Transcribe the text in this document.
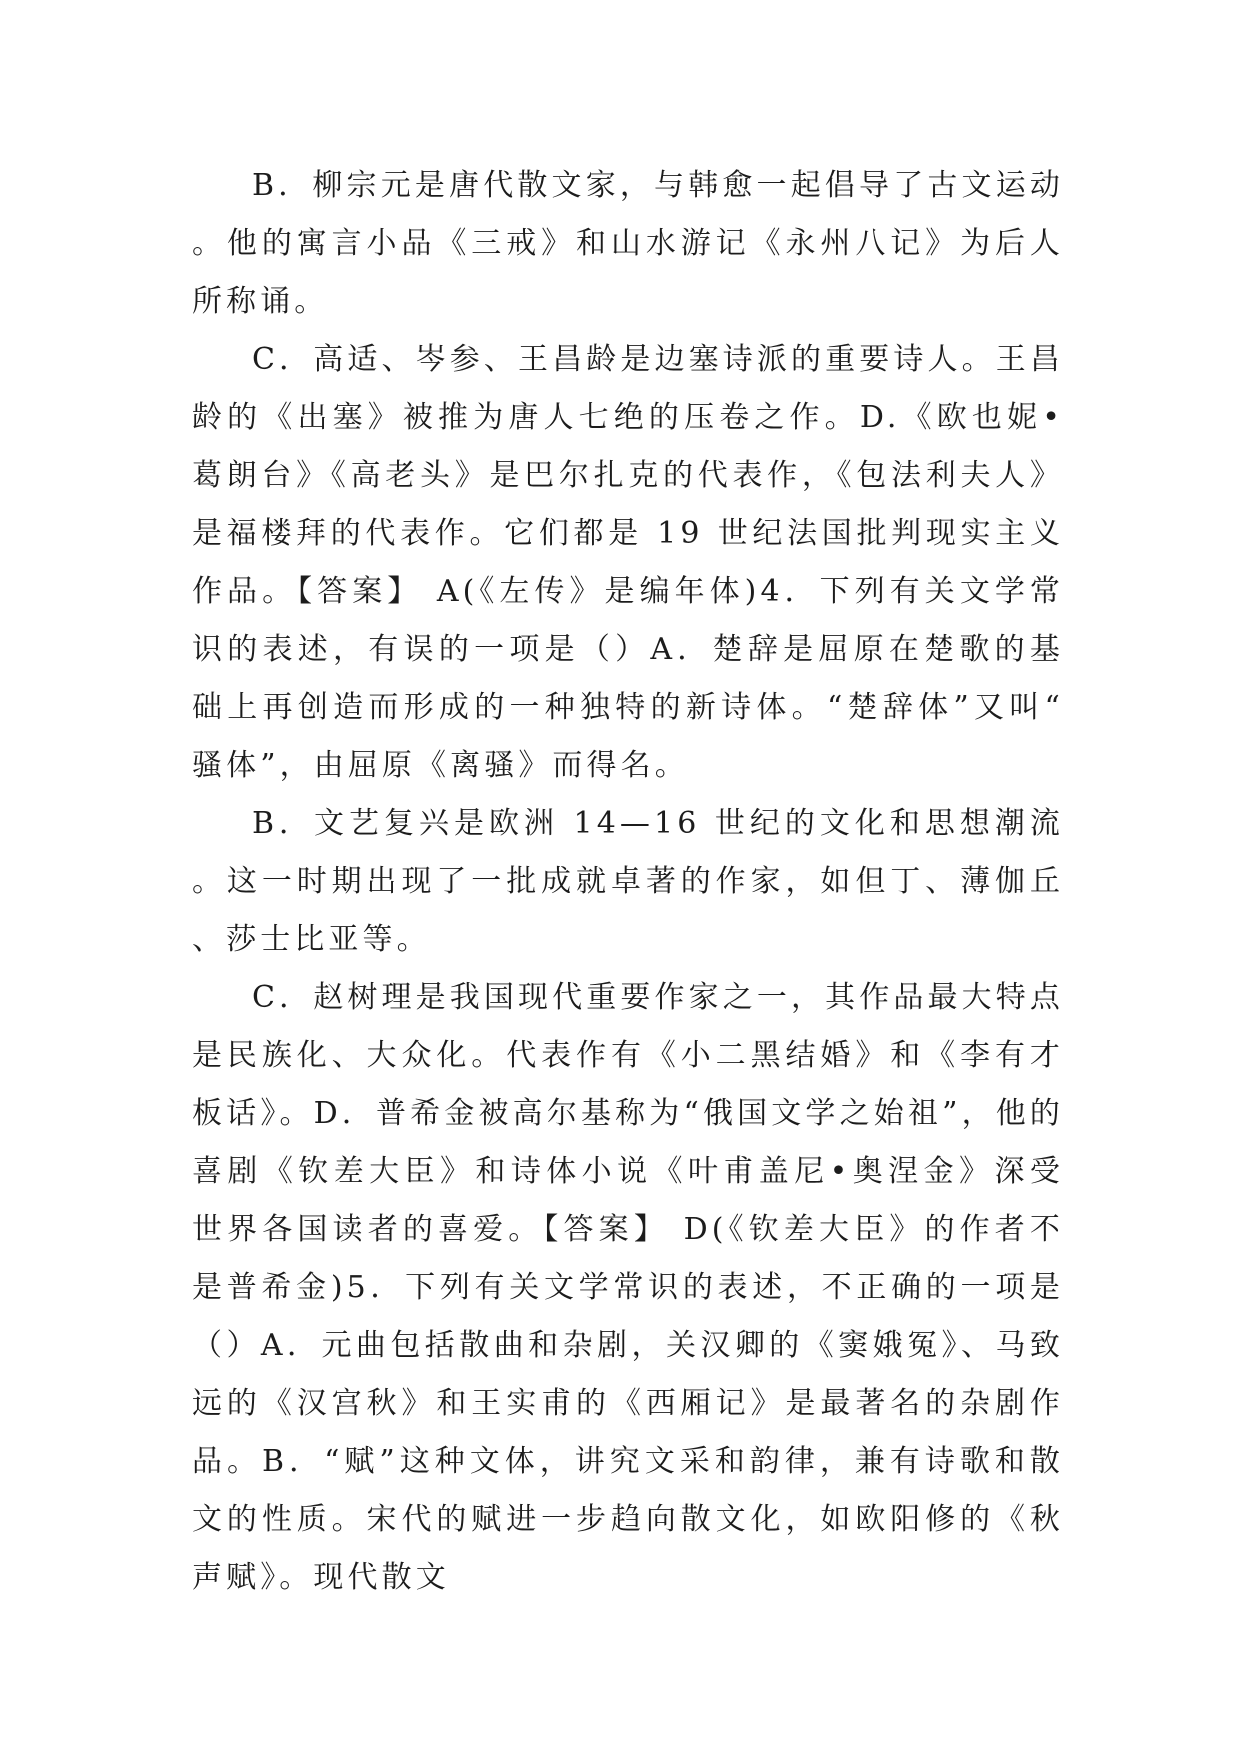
B．柳宗元是唐代散文家，与韩愈一起倡导了古文运动。他的寓言小品《三戒》和山水游记《永州八记》为后人所称诵。

C．高适、岑参、王昌龄是边塞诗派的重要诗人。王昌龄的《出塞》被推为唐人七绝的压卷之作。D.《欧也妮•葛朗台》《高老头》是巴尔扎克的代表作，《包法利夫人》是福楼拜的代表作。它们都是 19 世纪法国批判现实主义作品。【答案】 A(《左传》是编年体)4．下列有关文学常识的表述，有误的一项是（）A．楚辞是屈原在楚歌的基础上再创造而形成的一种独特的新诗体。“楚辞体”又叫“骚体”，由屈原《离骚》而得名。

B．文艺复兴是欧洲 14—16 世纪的文化和思想潮流。这一时期出现了一批成就卓著的作家，如但丁、薄伽丘、莎士比亚等。

C．赵树理是我国现代重要作家之一，其作品最大特点是民族化、大众化。代表作有《小二黑结婚》和《李有才板话》。D．普希金被高尔基称为“俄国文学之始祖”，他的喜剧《钦差大臣》和诗体小说《叶甫盖尼•奥涅金》深受世界各国读者的喜爱。【答案】 D(《钦差大臣》的作者不是普希金)5．下列有关文学常识的表述，不正确的一项是（）A．元曲包括散曲和杂剧，关汉卿的《窦娥冤》、马致远的《汉宫秋》和王实甫的《西厢记》是最著名的杂剧作品。B．“赋”这种文体，讲究文采和韵律，兼有诗歌和散文的性质。宋代的赋进一步趋向散文化，如欧阳修的《秋声赋》。现代散文
